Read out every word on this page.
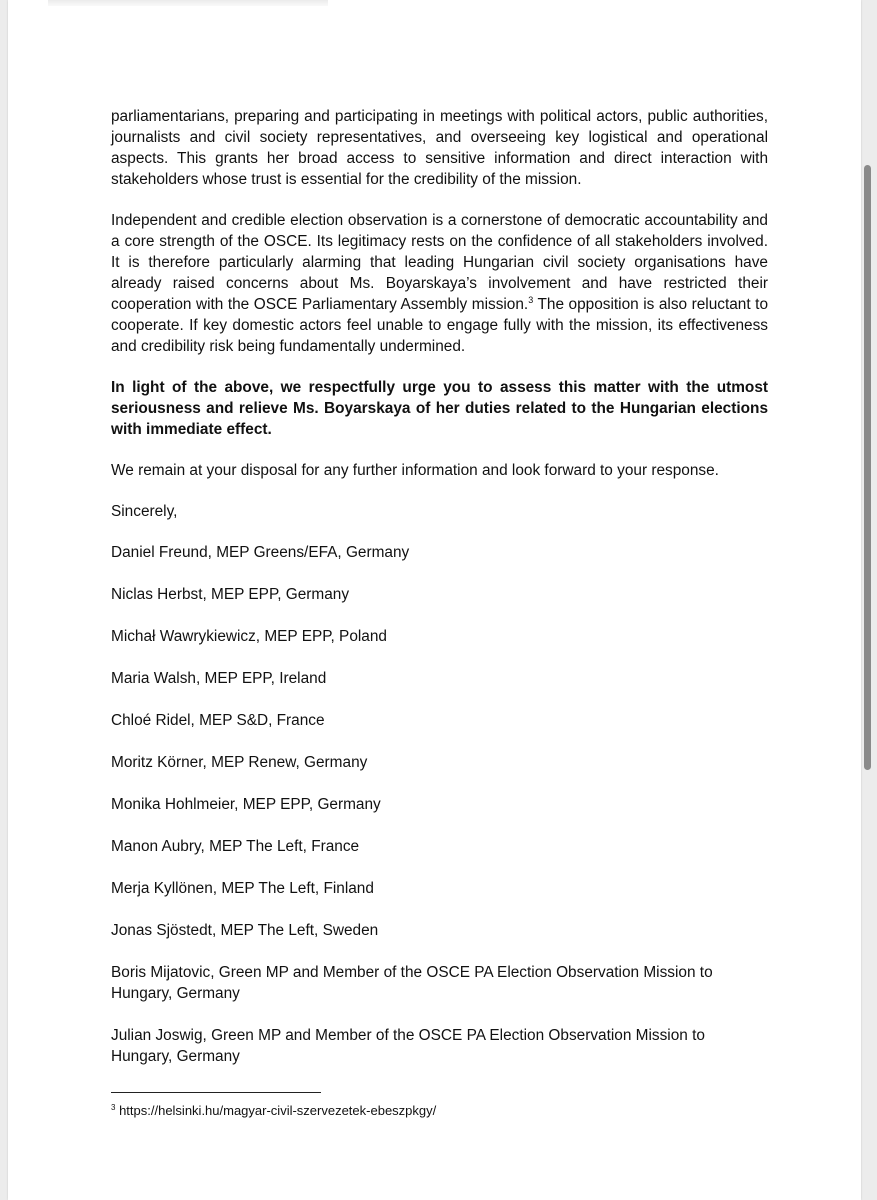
parliamentarians, preparing and participating in meetings with political actors, public authorities, journalists and civil society representatives, and overseeing key logistical and operational aspects. This grants her broad access to sensitive information and direct interaction with stakeholders whose trust is essential for the credibility of the mission.

Independent and credible election observation is a cornerstone of democratic accountability and a core strength of the OSCE. Its legitimacy rests on the confidence of all stakeholders involved. It is therefore particularly alarming that leading Hungarian civil society organisations have already raised concerns about Ms. Boyarskaya’s involvement and have restricted their cooperation with the OSCE Parliamentary Assembly mission.$^3$ The opposition is also reluctant to cooperate. If key domestic actors feel unable to engage fully with the mission, its effectiveness and credibility risk being fundamentally undermined.

In light of the above, we respectfully urge you to assess this matter with the utmost seriousness and relieve Ms. Boyarskaya of her duties related to the Hungarian elections with immediate effect.

We remain at your disposal for any further information and look forward to your response.

Sincerely,

Daniel Freund, MEP Greens/EFA, Germany
Niclas Herbst, MEP EPP, Germany
Michał Wawrykiewicz, MEP EPP, Poland
Maria Walsh, MEP EPP, Ireland
Chloé Ridel, MEP S&D, France
Moritz Körner, MEP Renew, Germany
Monika Hohlmeier, MEP EPP, Germany
Manon Aubry, MEP The Left, France
Merja Kyllönen, MEP The Left, Finland
Jonas Sjöstedt, MEP The Left, Sweden
Boris Mijatovic, Green MP and Member of the OSCE PA Election Observation Mission to Hungary, Germany
Julian Joswig, Green MP and Member of the OSCE PA Election Observation Mission to Hungary, Germany
$^3$ https://helsinki.hu/magyar-civil-szervezetek-ebeszpkgy/
